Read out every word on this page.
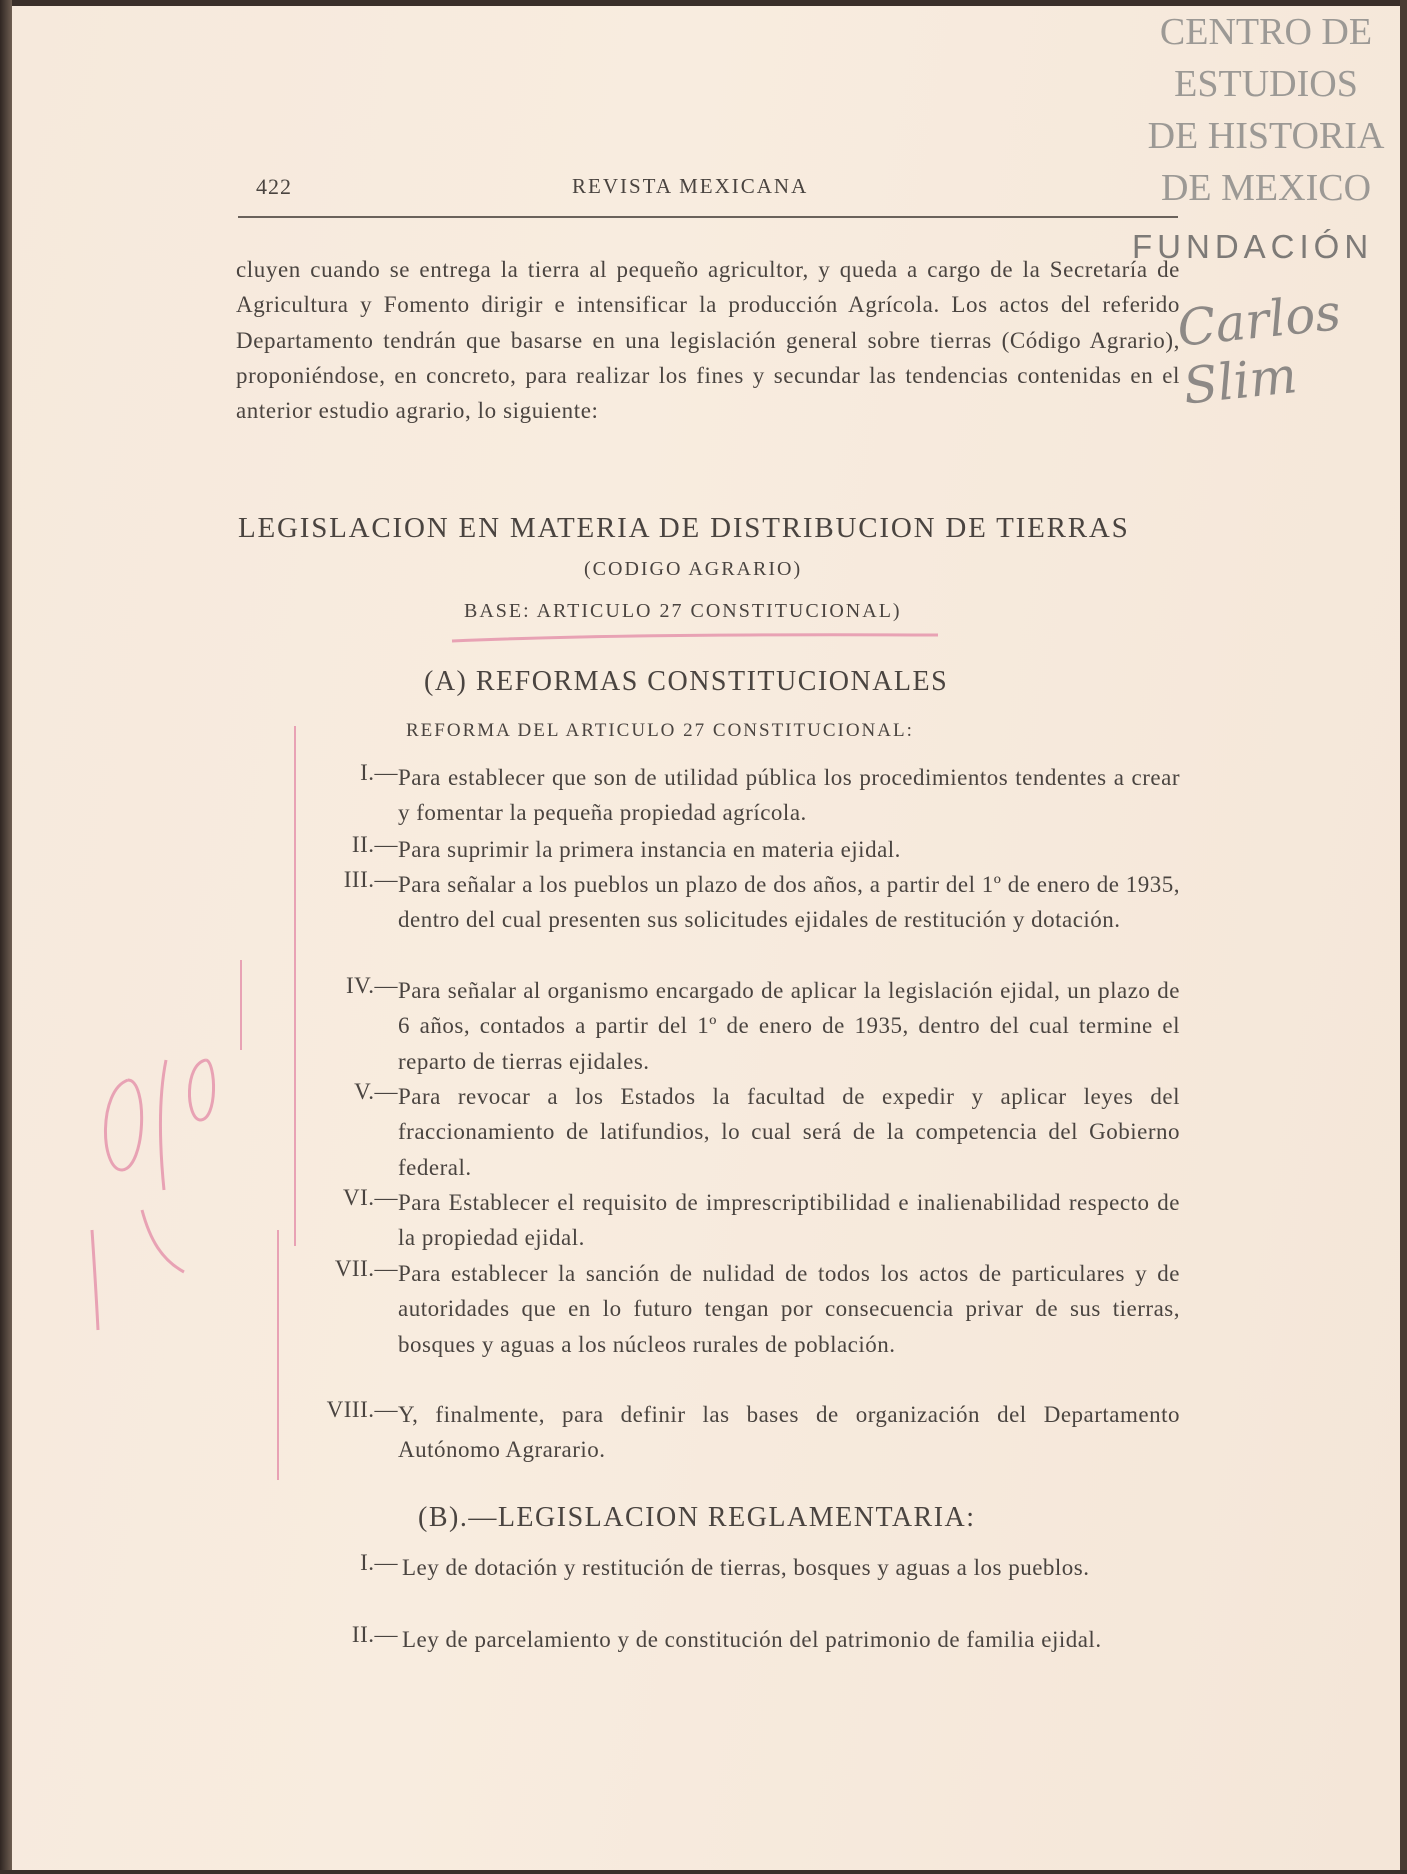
CENTRO DE
ESTUDIOS
DE HISTORIA
DE MEXICO
FUNDACIÓN
Carlos Slim
422	REVISTA MEXICANA
cluyen cuando se entrega la tierra al pequeño agricultor, y queda a cargo de la Secretaría de Agricultura y Fomento dirigir e intensificar la producción Agrícola. Los actos del referido Departamento tendrán que basarse en una legislación general sobre tierras (Código Agrario), proponiéndose, en concreto, para realizar los fines y secundar las tendencias contenidas en el anterior estudio agrario, lo siguiente:
LEGISLACION EN MATERIA DE DISTRIBUCION DE TIERRAS
(CODIGO AGRARIO)
BASE: ARTICULO 27 CONSTITUCIONAL)
(A) REFORMAS CONSTITUCIONALES
REFORMA DEL ARTICULO 27 CONSTITUCIONAL:
I.— Para establecer que son de utilidad pública los procedimientos tendentes a crear y fomentar la pequeña propiedad agrícola.
II.— Para suprimir la primera instancia en materia ejidal.
III.— Para señalar a los pueblos un plazo de dos años, a partir del 1º de enero de 1935, dentro del cual presenten sus solicitudes ejidales de restitución y dotación.
IV.— Para señalar al organismo encargado de aplicar la legislación ejidal, un plazo de 6 años, contados a partir del 1º de enero de 1935, dentro del cual termine el reparto de tierras ejidales.
V.— Para revocar a los Estados la facultad de expedir y aplicar leyes del fraccionamiento de latifundios, lo cual será de la competencia del Gobierno federal.
VI.— Para Establecer el requisito de imprescriptibilidad e inalienabilidad respecto de la propiedad ejidal.
VII.— Para establecer la sanción de nulidad de todos los actos de particulares y de autoridades que en lo futuro tengan por consecuencia privar de sus tierras, bosques y aguas a los núcleos rurales de población.
VIII.— Y, finalmente, para definir las bases de organización del Departamento Autónomo Agrarario.
(B).—LEGISLACION REGLAMENTARIA:
I.— Ley de dotación y restitución de tierras, bosques y aguas a los pueblos.
II.— Ley de parcelamiento y de constitución del patrimonio de familia ejidal.
